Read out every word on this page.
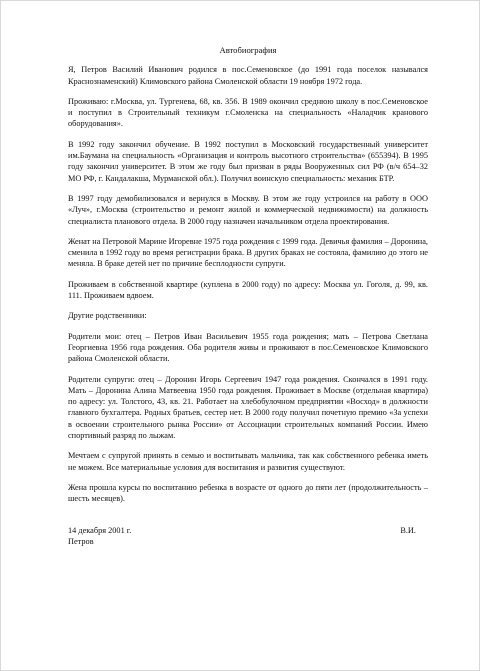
Автобиография

Я, Петров Василий Иванович родился в пос.Семеновское (до 1991 года поселок назывался Краснознаменский) Климовского района Смоленской области 19 ноября 1972 года.

Проживаю: г.Москва, ул. Тургенева, 68, кв. 356. В 1989 окончил среднюю школу в пос.Семеновское и поступил в Строительный техникум г.Смоленска на специальность «Наладчик кранового оборудования».

В 1992 году закончил обучение. В 1992 поступил в Московский государственный университет им.Баумана на специальность «Организация и контроль высотного строительства» (655394). В 1995 году закончил университет. В этом же году был призван в ряды Вооруженных сил РФ (в/ч 654–32 МО РФ, г. Кандалакша, Мурманской обл.). Получил воинскую специальность: механик БТР.

В 1997 году демобилизовался и вернулся в Москву. В этом же году устроился на работу в ООО «Луч», г.Москва (строительство и ремонт жилой и коммерческой недвижимости) на должность специалиста планового отдела. В 2000 году назначен начальником отдела проектирования.

Женат на Петровой Марине Игоревне 1975 года рождения с 1999 года. Девичья фамилия – Доронина, сменила в 1992 году во время регистрации брака. В других браках не состояла, фамилию до этого не меняла. В браке детей нет по причине бесплодности супруги.

Проживаем в собственной квартире (куплена в 2000 году) по адресу: Москва ул. Гоголя, д. 99, кв. 111. Проживаем вдвоем.

Другие родственники:

Родители мои: отец – Петров Иван Васильевич 1955 года рождения; мать – Петрова Светлана Георгиевна 1956 года рождения. Оба родителя живы и проживают в пос.Семеновское Климовского района Смоленской области.

Родители супруги: отец – Доронин Игорь Сергеевич 1947 года рождения. Скончался в 1991 году. Мать – Доронина Алина Матвеевна 1950 года рождения. Проживает в Москве (отдельная квартира) по адресу: ул. Толстого, 43, кв. 21. Работает на хлебобулочном предприятии «Восход» в должности главного бухгалтера. Родных братьев, сестер нет. В 2000 году получил почетную премию «За успехи в освоении строительного рынка России» от Ассоциации строительных компаний России. Имею спортивный разряд по лыжам.

Мечтаем с супругой принять в семью и воспитывать мальчика, так как собственного ребенка иметь не можем. Все материальные условия для воспитания и развития существуют.

Жена прошла курсы по воспитанию ребенка в возрасте от одного до пяти лет (продолжительность – шесть месяцев).

14 декабря 2001 г.	В.И.

Петров
